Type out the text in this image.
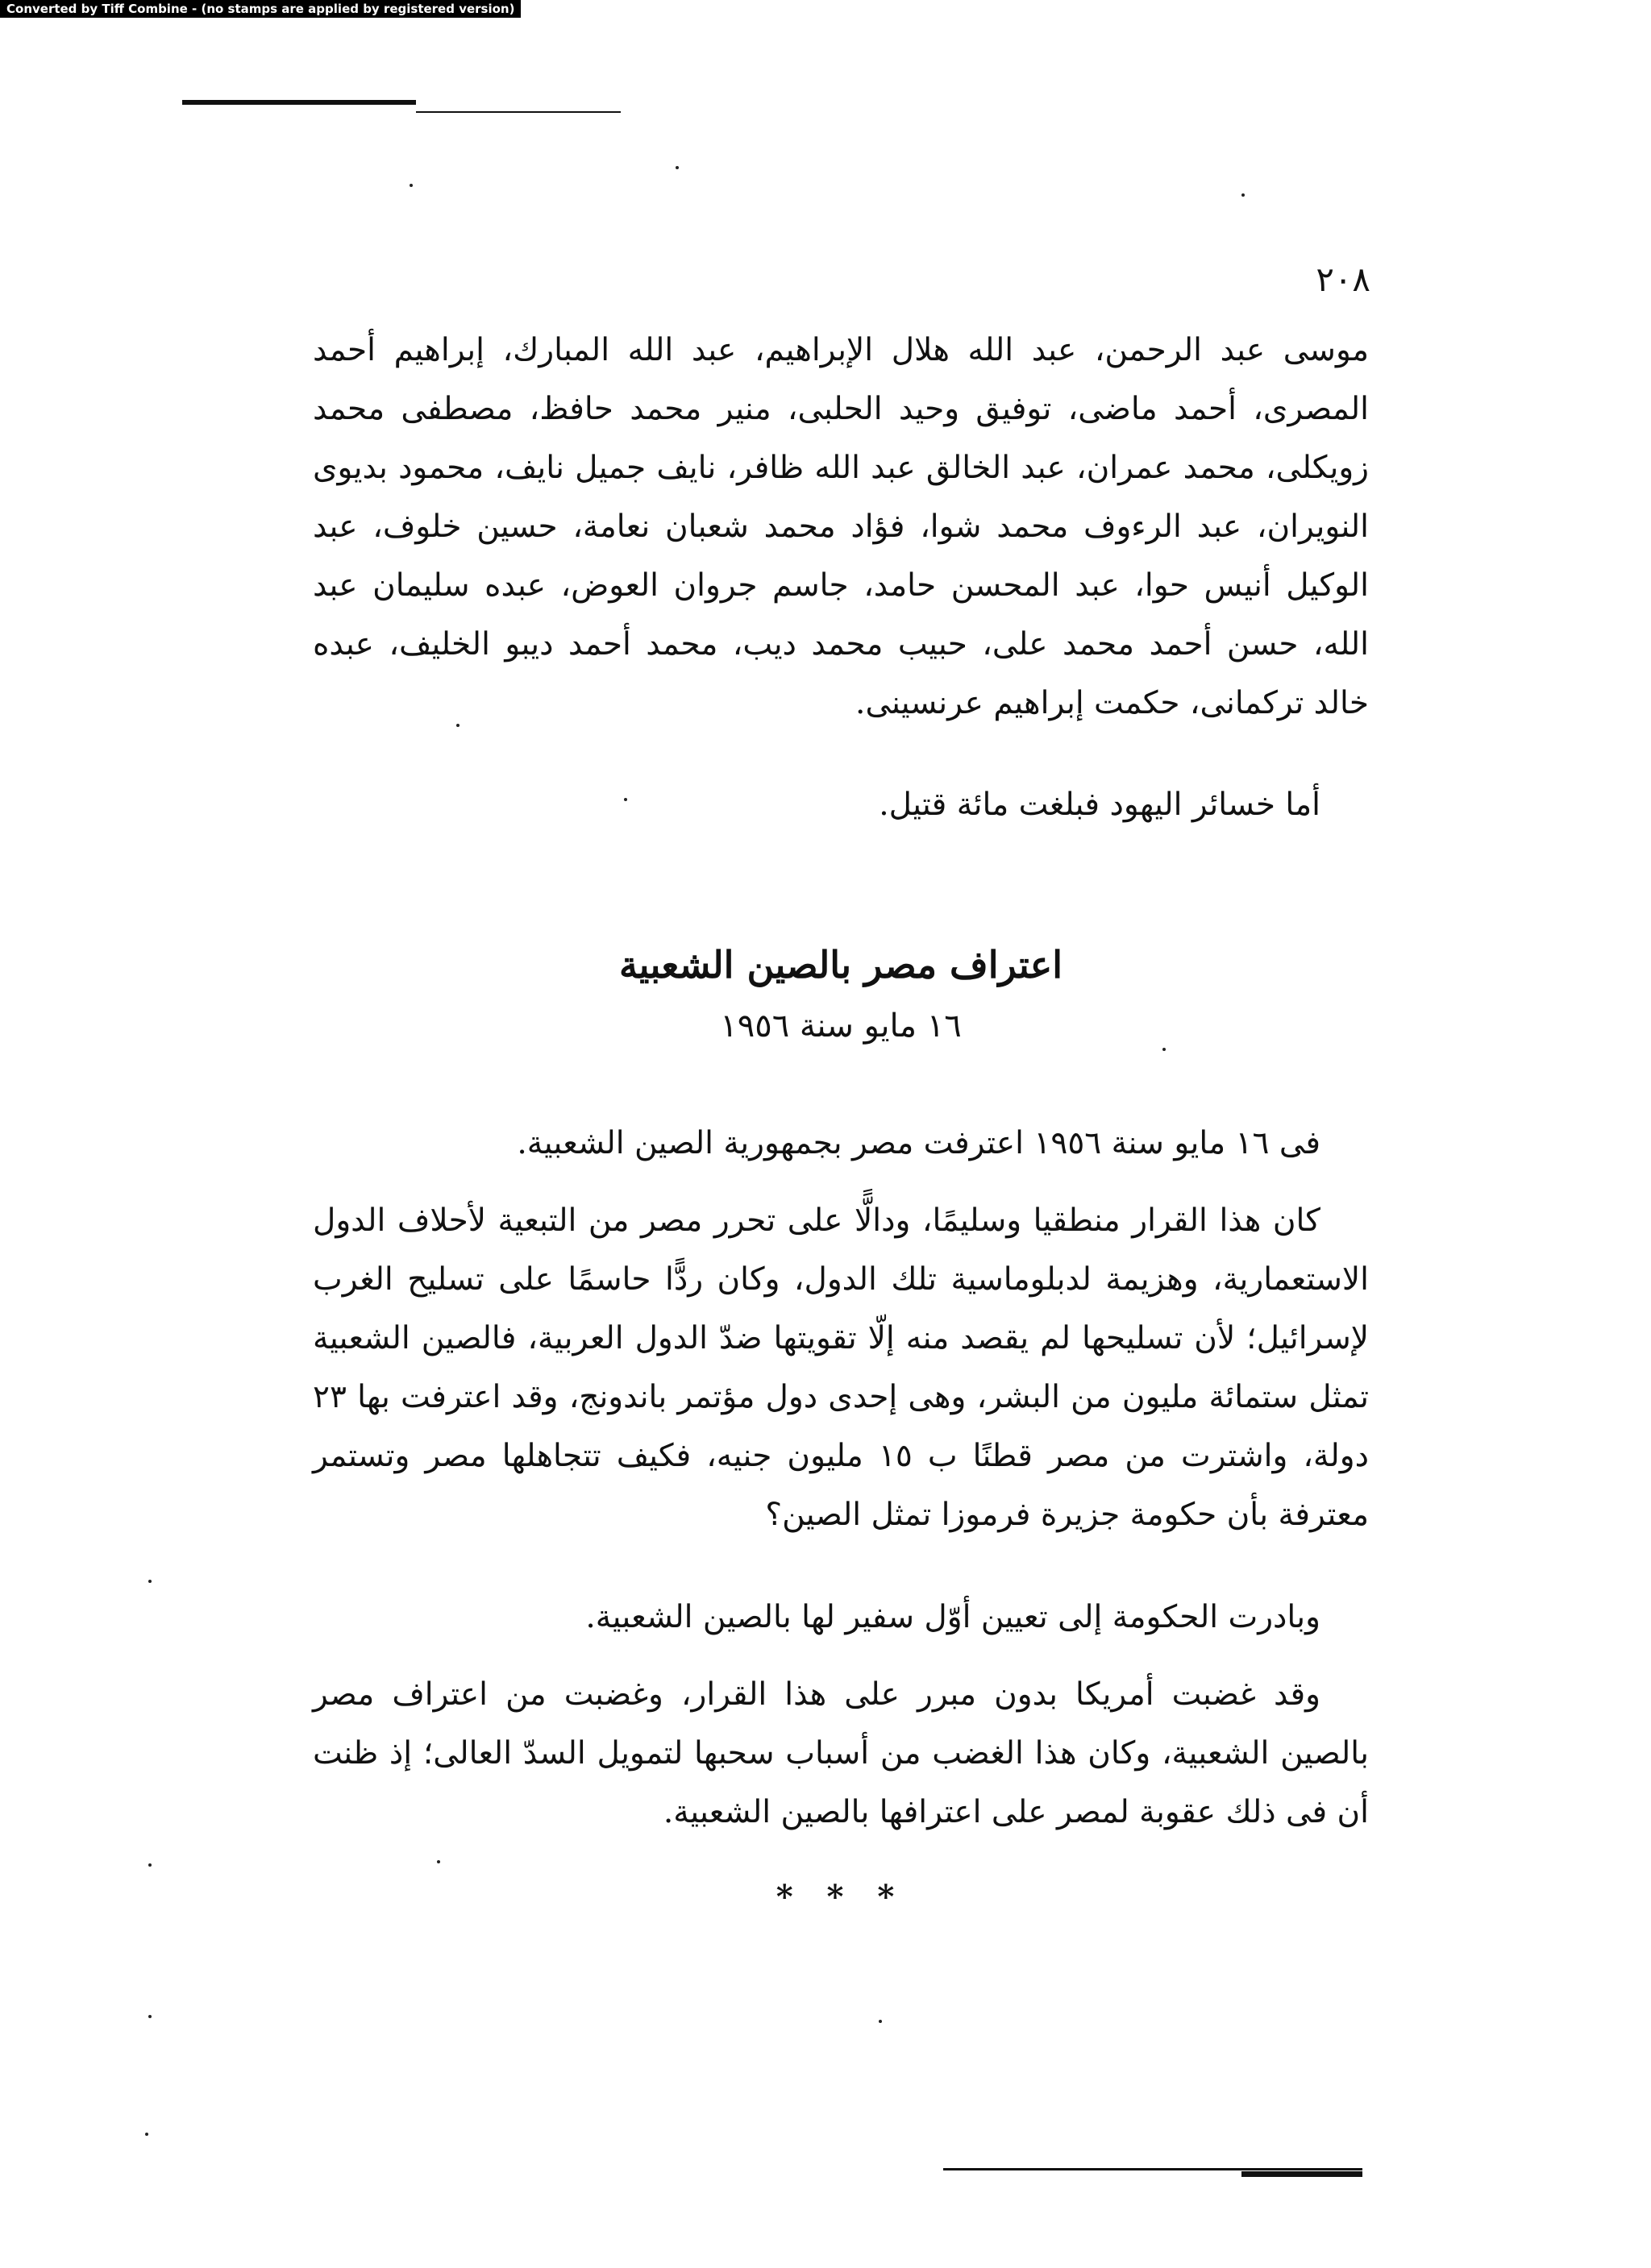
Converted by Tiff Combine - (no stamps are applied by registered version)
٢٠٨
موسى عبد الرحمن، عبد الله هلال الإبراهيم، عبد الله المبارك، إبراهيم أحمد المصرى، أحمد ماضى، توفيق وحيد الحلبى، منير محمد حافظ، مصطفى محمد زويكلى، محمد عمران، عبد الخالق عبد الله ظافر، نايف جميل نايف، محمود بديوى النويران، عبد الرءوف محمد شوا، فؤاد محمد شعبان نعامة، حسين خلوف، عبد الوكيل أنيس حوا، عبد المحسن حامد، جاسم جروان العوض، عبده سليمان عبد الله، حسن أحمد محمد على، حبيب محمد ديب، محمد أحمد ديبو الخليف، عبده خالد تركمانى، حكمت إبراهيم عرنسينى.
أما خسائر اليهود فبلغت مائة قتيل.
اعتراف مصر بالصين الشعبية
١٦ مايو سنة ١٩٥٦
فى ١٦ مايو سنة ١٩٥٦ اعترفت مصر بجمهورية الصين الشعبية.
كان هذا القرار منطقيا وسليمًا، ودالًّا على تحرر مصر من التبعية لأحلاف الدول الاستعمارية، وهزيمة لدبلوماسية تلك الدول، وكان ردًّا حاسمًا على تسليح الغرب لإسرائيل؛ لأن تسليحها لم يقصد منه إلّا تقويتها ضدّ الدول العربية، فالصين الشعبية تمثل ستمائة مليون من البشر، وهى إحدى دول مؤتمر باندونج، وقد اعترفت بها ٢٣ دولة، واشترت من مصر قطنًا ب ١٥ مليون جنيه، فكيف تتجاهلها مصر وتستمر معترفة بأن حكومة جزيرة فرموزا تمثل الصين؟
وبادرت الحكومة إلى تعيين أوّل سفير لها بالصين الشعبية.
وقد غضبت أمريكا بدون مبرر على هذا القرار، وغضبت من اعتراف مصر بالصين الشعبية، وكان هذا الغضب من أسباب سحبها لتمويل السدّ العالى؛ إذ ظنت أن فى ذلك عقوبة لمصر على اعترافها بالصين الشعبية.
* * *
